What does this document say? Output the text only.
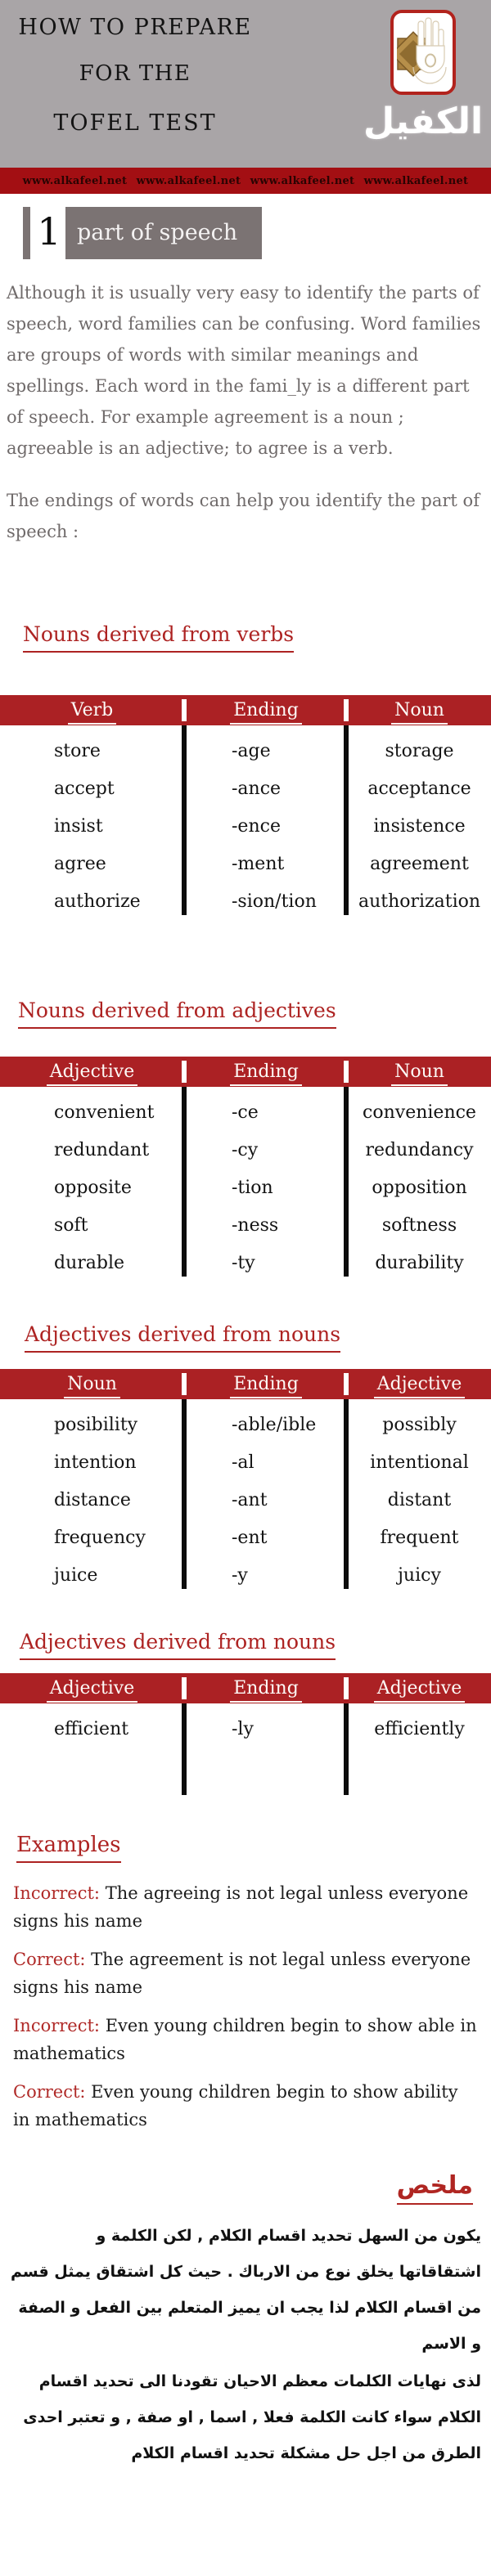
HOW TO PREPARE
FOR THE
TOFEL TEST	الكفيل
www.alkafeel.net www.alkafeel.net www.alkafeel.net www.alkafeel.net
1 part of speech

Although it is usually very easy to identify the parts of speech, word families can be confusing. Word families are groups of words with similar meanings and spellings. Each word in the fami_ly is a different part of speech. For example agreement is a noun ; agreeable is an adjective; to agree is a verb.

The endings of words can help you identify the part of speech :

Nouns derived from verbs
Verb	Ending	Noun
store	-age	storage
accept	-ance	acceptance
insist	-ence	insistence
agree	-ment	agreement
authorize	-sion/tion	authorization
Nouns derived from adjectives
Adjective	Ending	Noun
convenient	-ce	convenience
redundant	-cy	redundancy
opposite	-tion	opposition
soft	-ness	softness
durable	-ty	durability
Adjectives derived from nouns
Noun	Ending	Adjective
posibility	-able/ible	possibly
intention	-al	intentional
distance	-ant	distant
frequency	-ent	frequent
juice	-y	juicy
Adjectives derived from nouns
Adjective	Ending	Adjective
efficient	-ly	efficiently
Examples

Incorrect: The agreeing is not legal unless everyone signs his name

Correct: The agreement is not legal unless everyone signs his name

Incorrect: Even young children begin to show able in mathematics

Correct: Even young children begin to show ability in mathematics

ملخص

يكون من السهل تحديد اقسام الكلام , لكن الكلمة و اشتقاقاتها يخلق نوع من الارباك . حيث كل اشتقاق يمثل قسم من اقسام الكلام لذا يجب ان يميز المتعلم بين الفعل و الصفة و الاسم

لذى نهايات الكلمات معظم الاحيان تقودنا الى تحديد اقسام الكلام سواء كانت الكلمة فعلا , اسما , او صفة , و تعتبر احدى الطرق من اجل حل مشكلة تحديد اقسام الكلام
